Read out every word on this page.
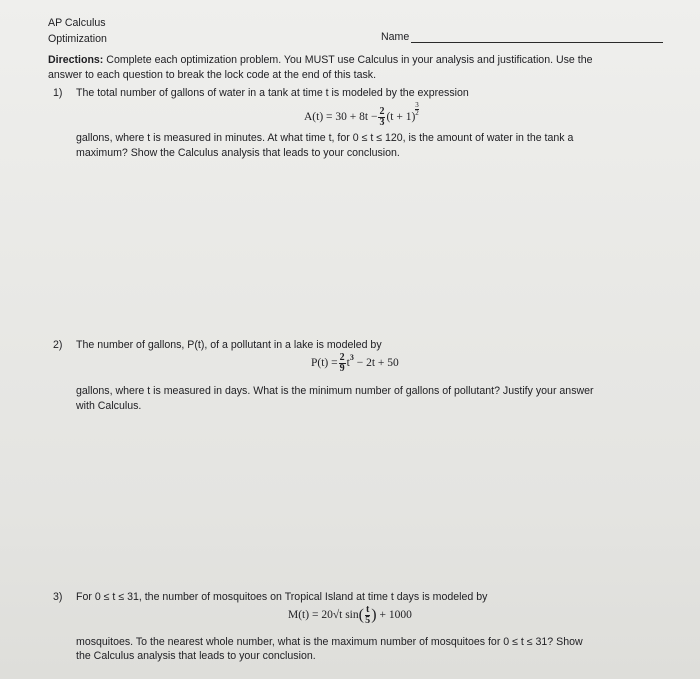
AP Calculus
Optimization	Name
Directions: Complete each optimization problem. You MUST use Calculus in your analysis and justification. Use the
answer to each question to break the lock code at the end of this task.
1) The total number of gallons of water in a tank at time t is modeled by the expression
$A(t) = 30 + 8t - \frac{2}{3} (t + 1) \frac{3}{2}$
gallons, where t is measured in minutes. At what time t, for 0 ≤ t ≤ 120, is the amount of water in the tank a
maximum? Show the Calculus analysis that leads to your conclusion.
2) The number of gallons, P(t), of a pollutant in a lake is modeled by
$P(t) = \frac{2}{9} t^3 - 2t + 50$
gallons, where t is measured in days. What is the minimum number of gallons of pollutant? Justify your answer
with Calculus.
3) For 0 ≤ t ≤ 31, the number of mosquitoes on Tropical Island at time t days is modeled by
M(t) = 20√t $\sin( \frac{t}{5}$ ) + 1000
mosquitoes. To the nearest whole number, what is the maximum number of mosquitoes for 0 ≤ t ≤ 31? Show
the Calculus analysis that leads to your conclusion.
